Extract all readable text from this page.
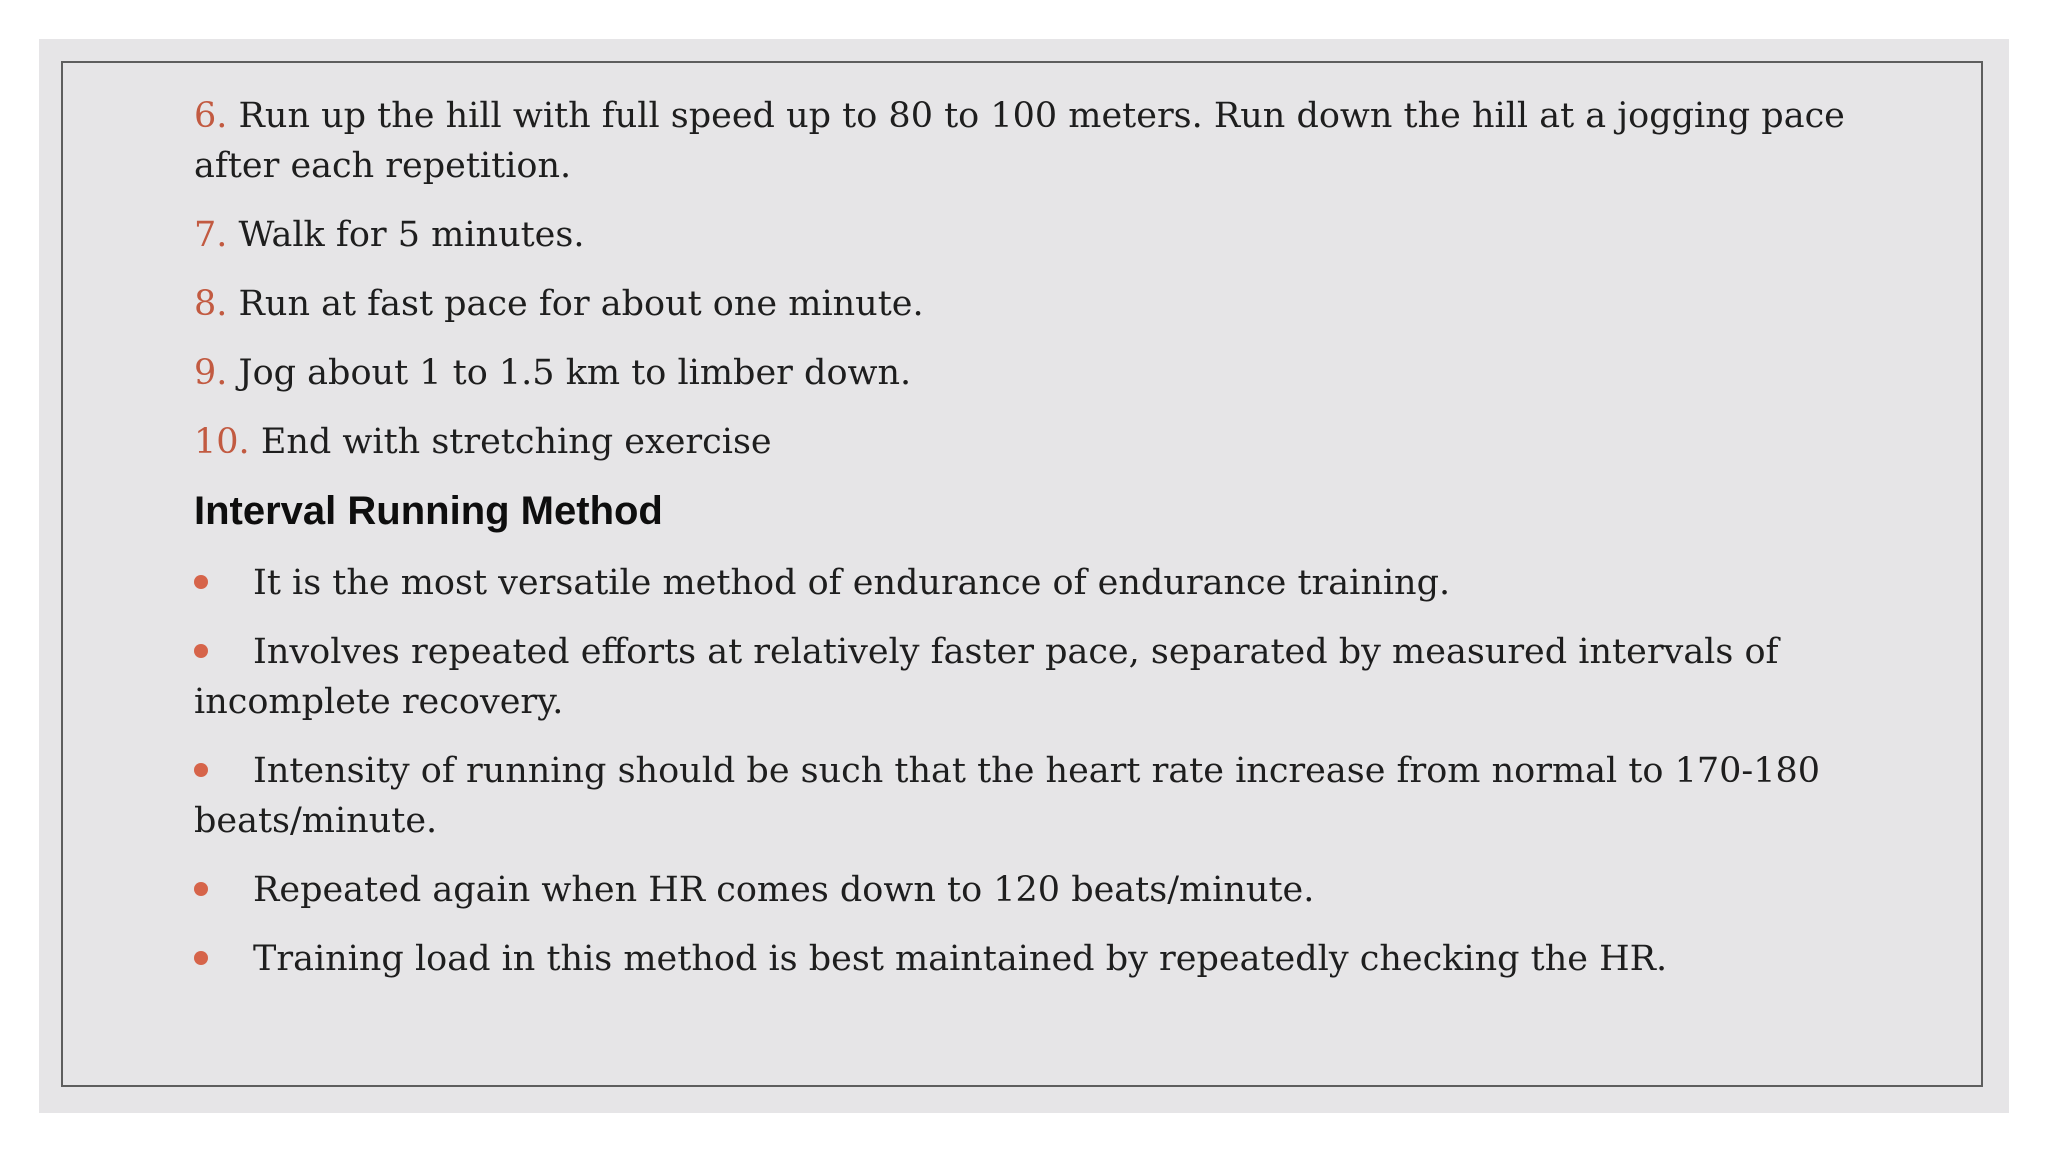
6. Run up the hill with full speed up to 80 to 100 meters. Run down the hill at a jogging pace after each repetition.
7. Walk for 5 minutes.
8. Run at fast pace for about one minute.
9. Jog about 1 to 1.5 km to limber down.
10. End with stretching exercise
Interval Running Method
It is the most versatile method of endurance of endurance training.
Involves repeated efforts at relatively faster pace, separated by measured intervals of incomplete recovery.
Intensity of running should be such that the heart rate increase from normal to 170-180 beats/minute.
Repeated again when HR comes down to 120 beats/minute.
Training load in this method is best maintained by repeatedly checking the HR.
